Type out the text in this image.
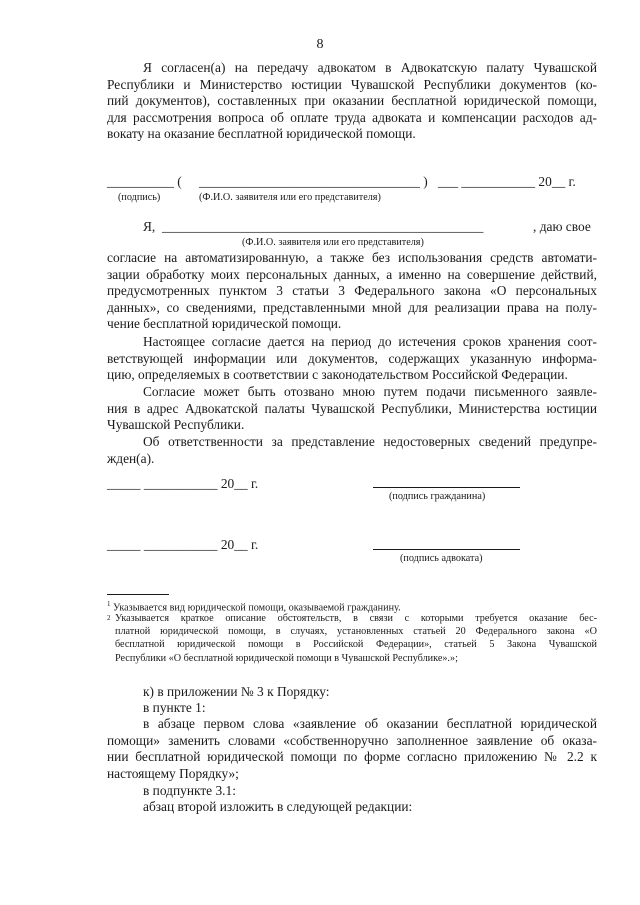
8
Я согласен(а) на передачу адвокатом в Адвокатскую палату Чувашской
Республики и Министерство юстиции Чувашской Республики документов (ко-
пий документов), составленных при оказании бесплатной юридической помощи,
для рассмотрения вопроса об оплате труда адвоката и компенсации расходов ад-
вокату на оказание бесплатной юридической помощи.
__________ ( _________________________________ ) ___ ___________ 20__ г.
(подпись)	(Ф.И.О. заявителя или его представителя)
Я, ________________________________________________	, даю свое
(Ф.И.О. заявителя или его представителя)
согласие на автоматизированную, а также без использования средств автомати-
зации обработку моих персональных данных, а именно на совершение действий,
предусмотренных пунктом 3 статьи 3 Федерального закона «О персональных
данных», со сведениями, представленными мной для реализации права на полу-
чение бесплатной юридической помощи.
Настоящее согласие дается на период до истечения сроков хранения соот-
ветствующей информации или документов, содержащих указанную информа-
цию, определяемых в соответствии с законодательством Российской Федерации.
Согласие может быть отозвано мною путем подачи письменного заявле-
ния в адрес Адвокатской палаты Чувашской Республики, Министерства юстиции
Чувашской Республики.
Об ответственности за представление недостоверных сведений предупре-
жден(а).
_____ ___________ 20__ г.
(подпись гражданина)
_____ ___________ 20__ г.
(подпись адвоката)
$^1$ Указывается вид юридической помощи, оказываемой гражданину.
$^2$ Указывается краткое описание обстоятельств, в связи с которыми требуется оказание бес-
платной юридической помощи, в случаях, установленных статьей 20 Федерального закона «О
бесплатной юридической помощи в Российской Федерации», статьей 5 Закона Чувашской
Республики «О бесплатной юридической помощи в Чувашской Республике».»;
к) в приложении № 3 к Порядку:
в пункте 1:
в абзаце первом слова «заявление об оказании бесплатной юридической
помощи» заменить словами «собственноручно заполненное заявление об оказа-
нии бесплатной юридической помощи по форме согласно приложению № 2.2 к
настоящему Порядку»;
в подпункте 3.1:
абзац второй изложить в следующей редакции:
